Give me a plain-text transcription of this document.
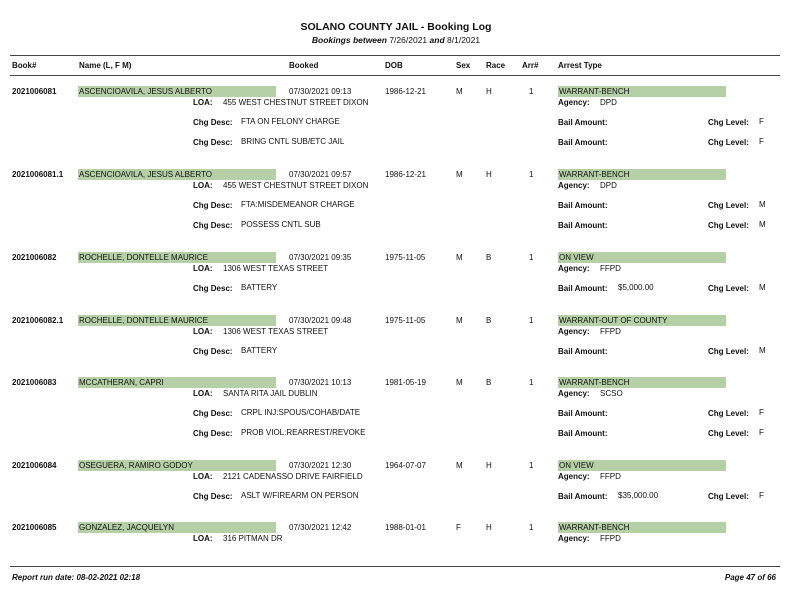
SOLANO COUNTY JAIL - Booking Log
Bookings between 7/26/2021 and 8/1/2021
Book#	Name (L, F M)	Booked	DOB	Sex Race Arr# Arrest Type
2021006081	ASCENCIOAVILA, JESUS ALBERTO	07/30/2021 09:13	1986-12-21	M	H	1	WARRANT-BENCH
LOA: 455 WEST CHESTNUT STREET DIXON	Agency: DPD
Chg Desc: FTA ON FELONY CHARGE	Bail Amount:	Chg Level: F
Chg Desc: BRING CNTL SUB/ETC JAIL	Bail Amount:	Chg Level: F
2021006081.1 ASCENCIOAVILA, JESUS ALBERTO	07/30/2021 09:57	1986-12-21	M	H	1	WARRANT-BENCH
LOA: 455 WEST CHESTNUT STREET DIXON	Agency: DPD
Chg Desc: FTA:MISDEMEANOR CHARGE	Bail Amount:	Chg Level: M
Chg Desc: POSSESS CNTL SUB	Bail Amount:	Chg Level: M
2021006082	ROCHELLE, DONTELLE MAURICE	07/30/2021 09:35	1975-11-05	M	B	1	ON VIEW
LOA: 1306 WEST TEXAS STREET	Agency: FFPD
Chg Desc: BATTERY	Bail Amount: $5,000.00	Chg Level: M
2021006082.1 ROCHELLE, DONTELLE MAURICE	07/30/2021 09:48	1975-11-05	M	B	1	WARRANT-OUT OF COUNTY
LOA: 1306 WEST TEXAS STREET	Agency: FFPD
Chg Desc: BATTERY	Bail Amount:	Chg Level: M
2021006083	MCCATHERAN, CAPRI	07/30/2021 10:13	1981-05-19	M	B	1	WARRANT-BENCH
LOA: SANTA RITA JAIL DUBLIN	Agency: SCSO
Chg Desc: CRPL INJ:SPOUS/COHAB/DATE	Bail Amount:	Chg Level: F
Chg Desc: PROB VIOL:REARREST/REVOKE	Bail Amount:	Chg Level: F
2021006084	OSEGUERA, RAMIRO GODOY	07/30/2021 12:30	1964-07-07	M	H	1	ON VIEW
LOA: 2121 CADENASSO DRIVE FAIRFIELD	Agency: FFPD
Chg Desc: ASLT W/FIREARM ON PERSON	Bail Amount: $35,000.00	Chg Level: F
2021006085	GONZALEZ, JACQUELYN	07/30/2021 12:42	1988-01-01	F	H	1	WARRANT-BENCH
LOA: 316 PITMAN DR	Agency: FFPD
Report run date: 08-02-2021 02:18	Page 47 of 66
